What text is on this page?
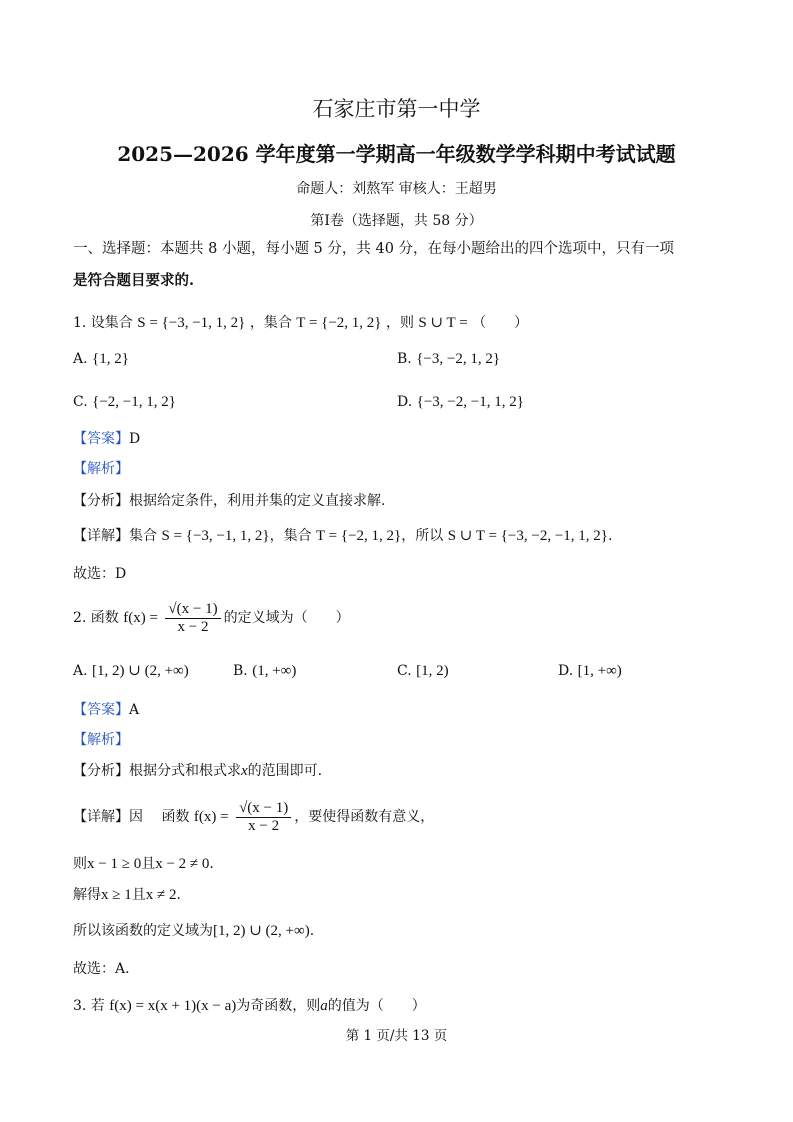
石家庄市第一中学
2025—2026 学年度第一学期高一年级数学学科期中考试试题
命题人：刘熬军 审核人：王超男
第Ⅰ卷（选择题，共 58 分）
一、选择题：本题共 8 小题，每小题 5 分，共 40 分，在每小题给出的四个选项中，只有一项
是符合题目要求的.
1. 设集合 S = {−3, −1, 1, 2} ，集合 T = {−2, 1, 2} ，则 S ∪ T = （　　）
A. {1, 2}	B. {−3, −2, 1, 2}
C. {−2, −1, 1, 2}	D. {−3, −2, −1, 1, 2}
【答案】D
【解析】
【分析】根据给定条件，利用并集的定义直接求解.
【详解】集合 S = {−3, −1, 1, 2}，集合 T = {−2, 1, 2}，所以 S ∪ T = {−3, −2, −1, 1, 2}.
故选：D
2. 函数 $f(x) = \frac{√(x - 1)}{x - 2}$ 的定义域为（　　）
A. [1, 2) ∪ (2, +∞)	B. (1, +∞)	C. [1, 2)	D. [1, +∞)
【答案】A
【解析】
【分析】根据分式和根式求x的范围即可.
【详解】因　 函数 $f(x) = \frac{√(x - 1)}{x - 2}$ ，要使得函数有意义，
则x − 1 ≥ 0且x − 2 ≠ 0.
解得x ≥ 1且x ≠ 2.
所以该函数的定义域为[1, 2) ∪ (2, +∞).
故选：A.
3. 若 f(x) = x(x + 1)(x − a)为奇函数，则a的值为（　　）
第 1 页/共 13 页
